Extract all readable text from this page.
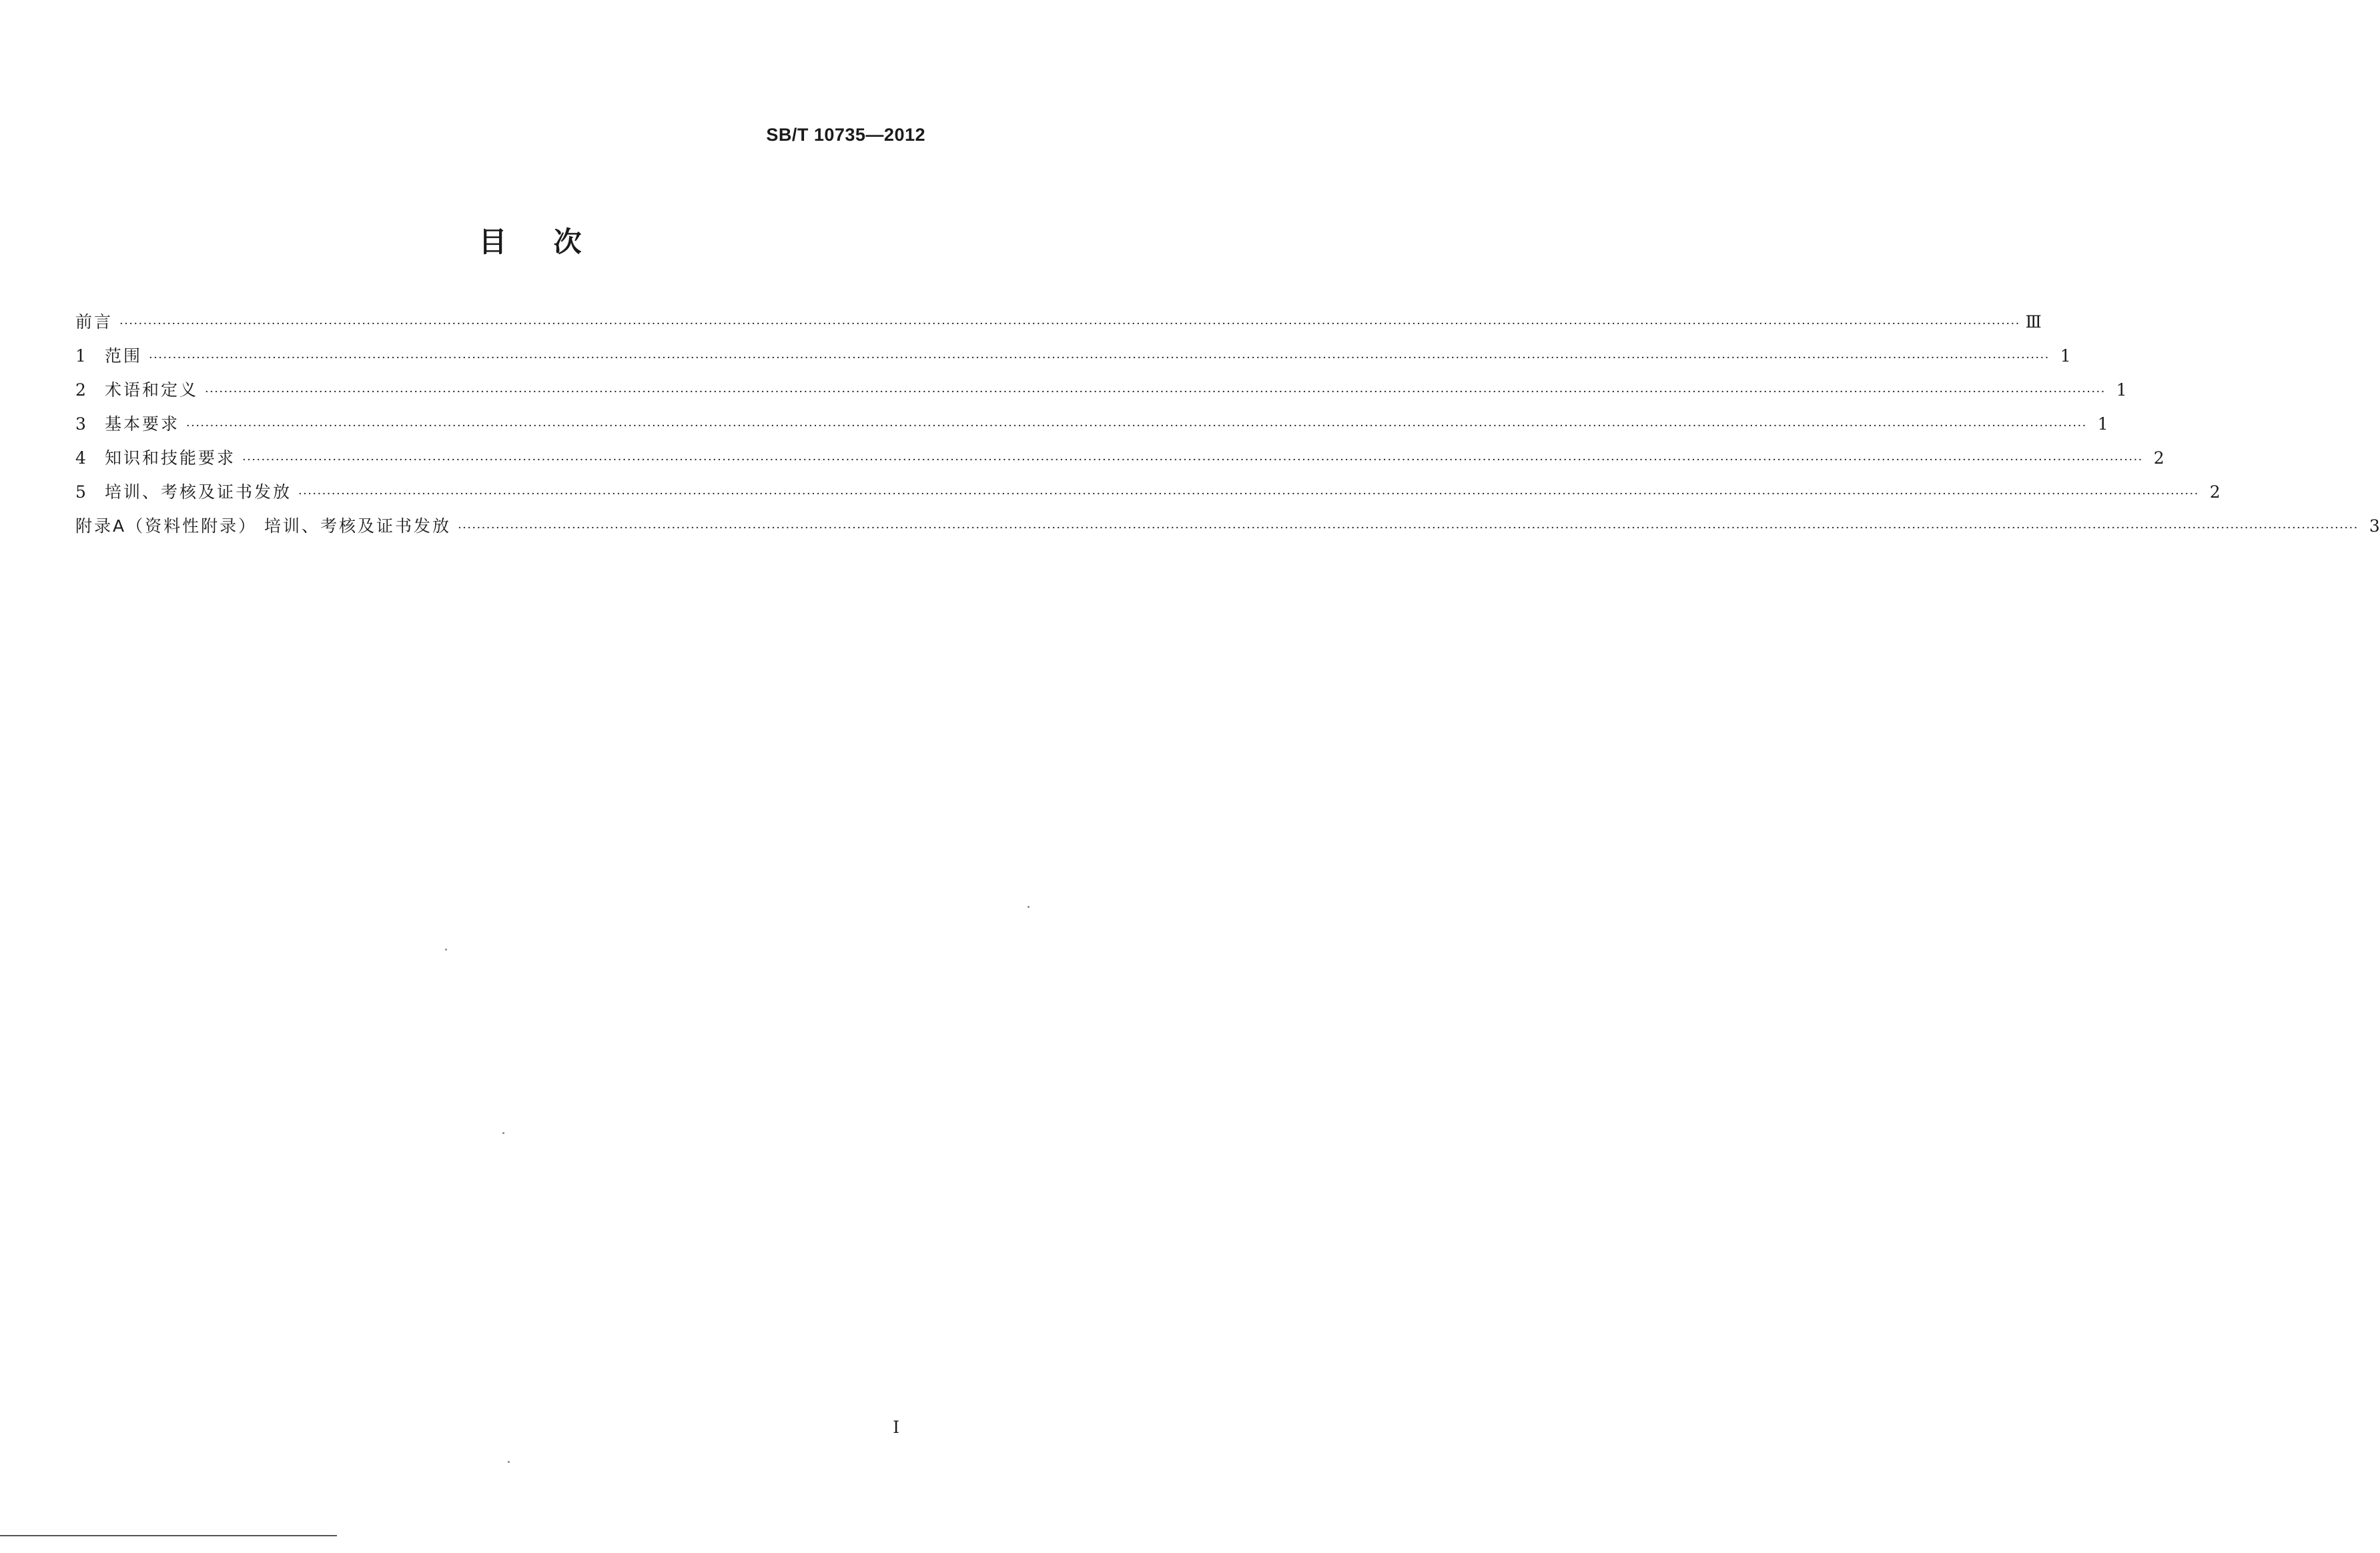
SB/T 10735—2012
目次
前言 ················································································································································································································································································································································································································ Ⅲ
1	范围 ················································································································································································································································································································································································································ 1
2	术语和定义 ················································································································································································································································································································································································································ 1
3	基本要求 ················································································································································································································································································································································································································ 1
4	知识和技能要求 ················································································································································································································································································································································································································ 2
5	培训、考核及证书发放 ················································································································································································································································································································································································································ 2
附录A（资料性附录） 培训、考核及证书发放 ················································································································································································································································································································································································································ 3
I
